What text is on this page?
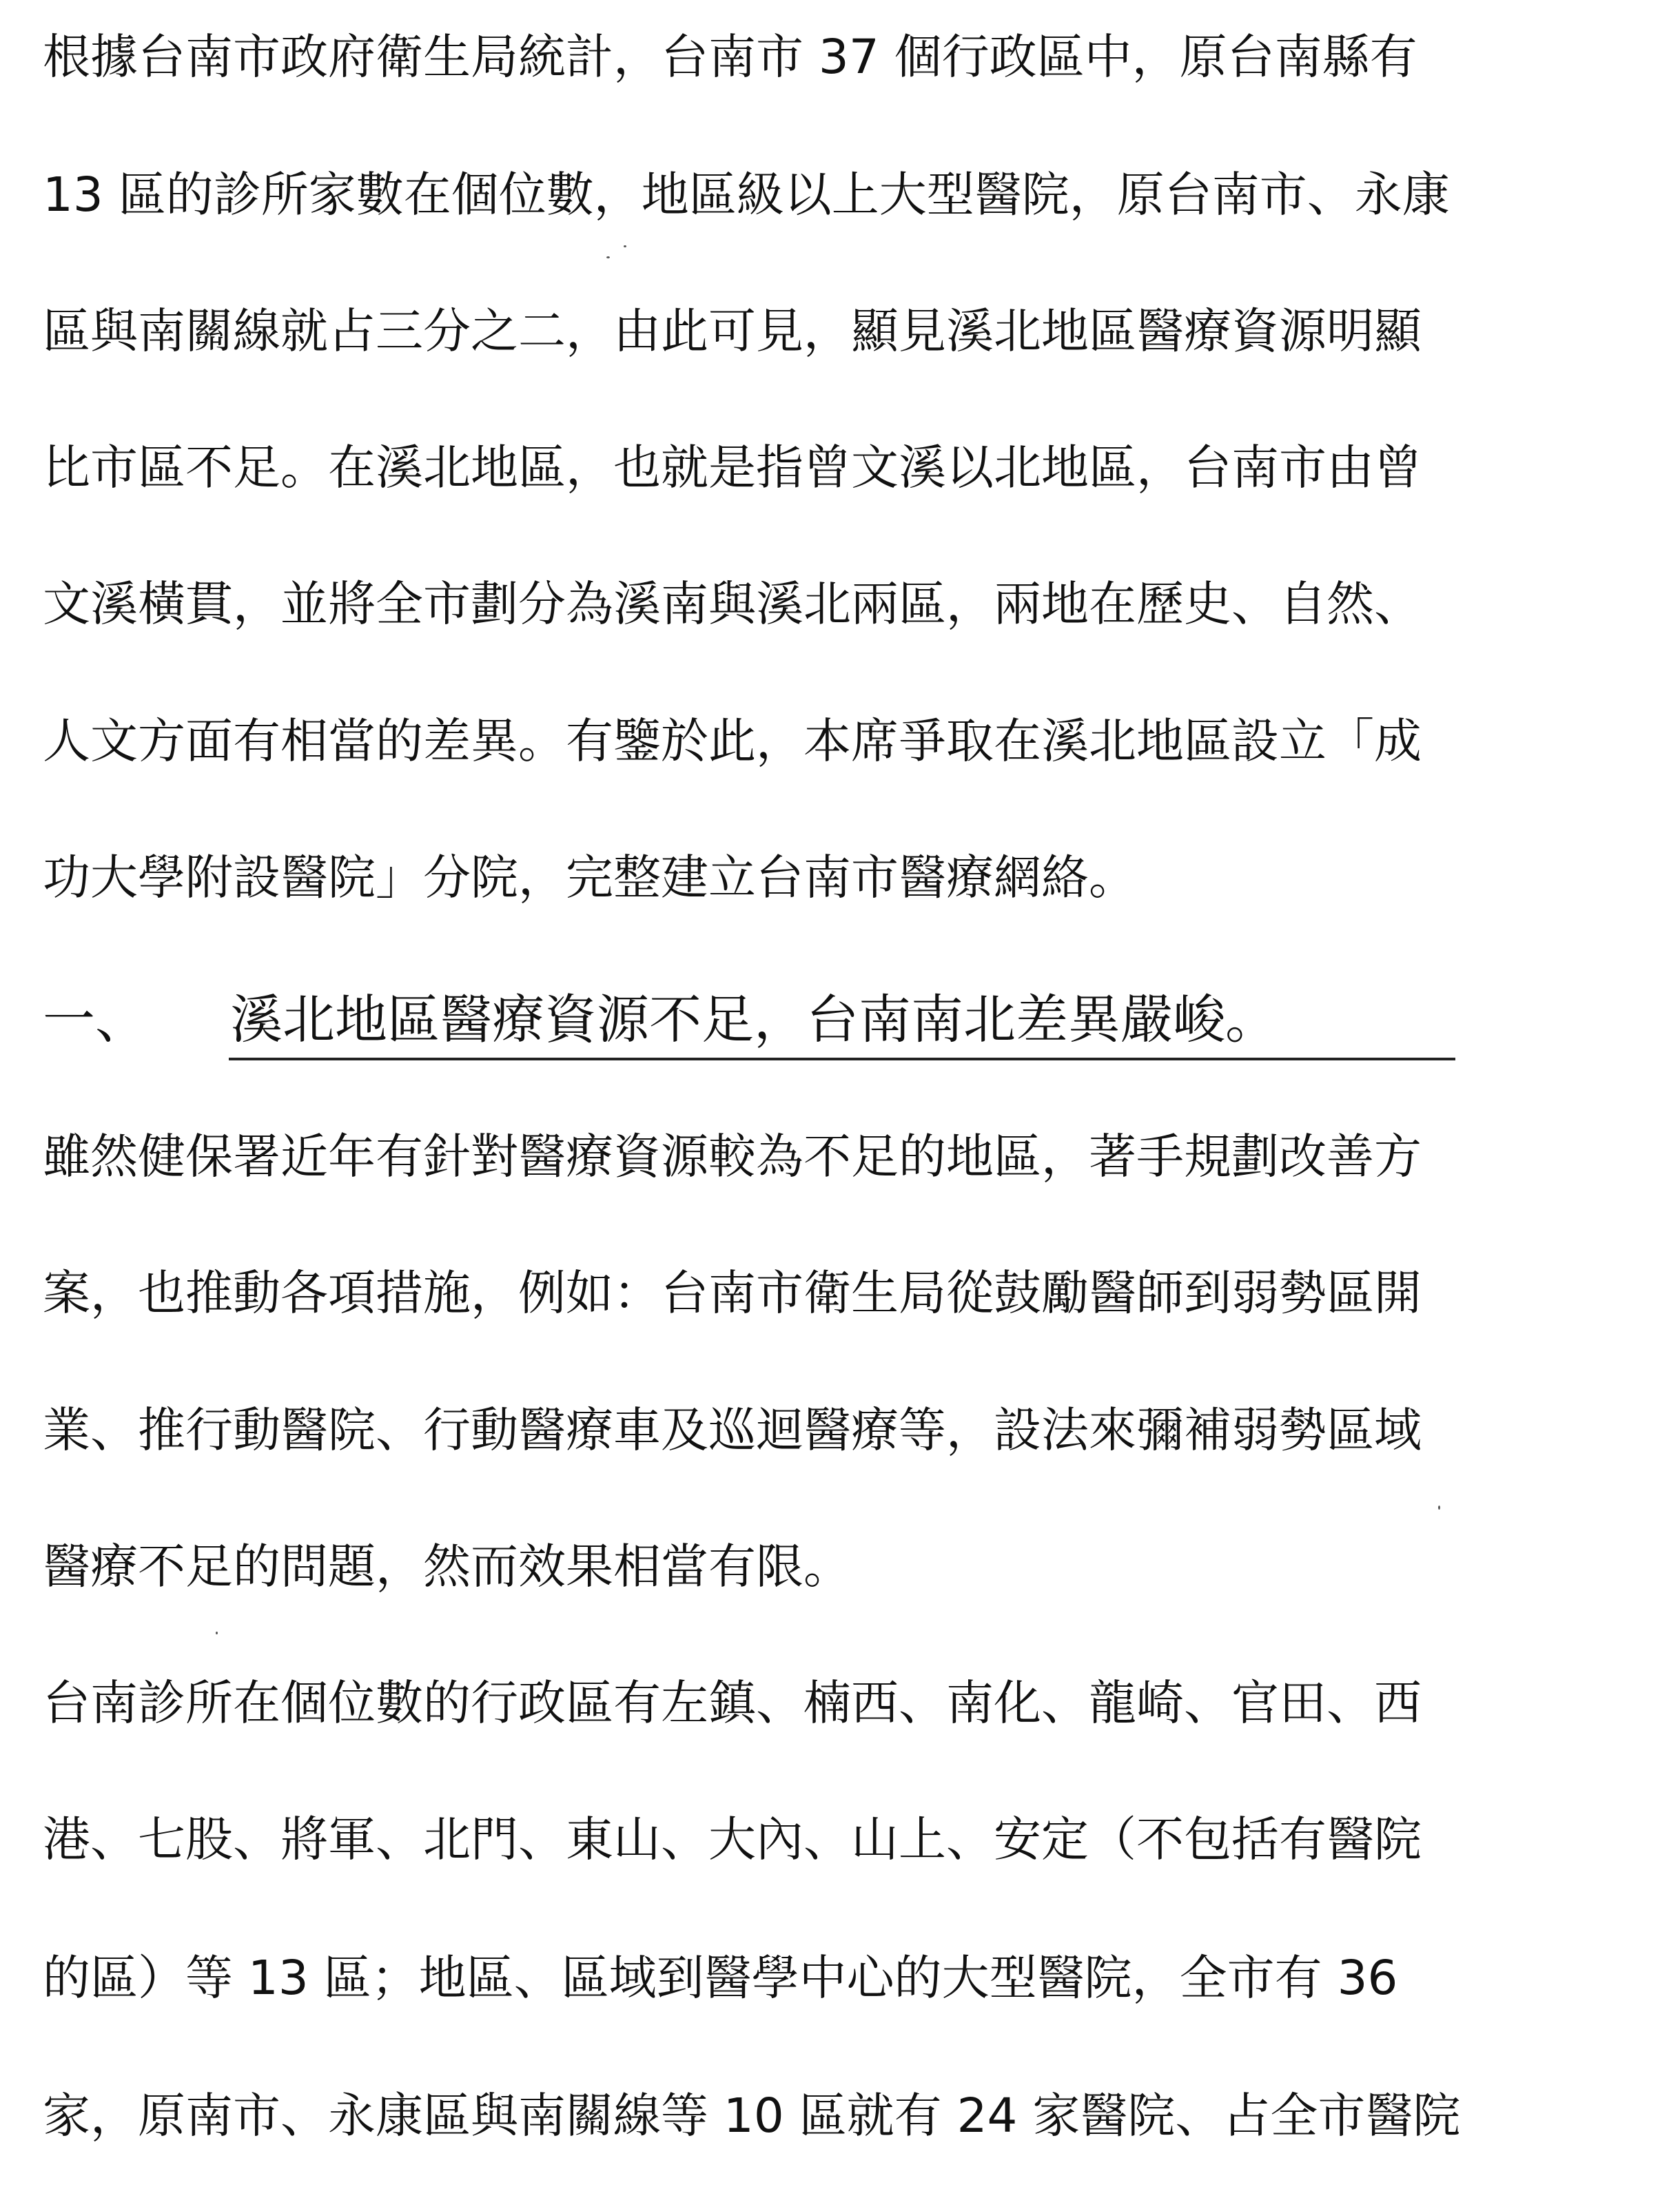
根據台南市政府衛生局統計，台南市 37 個行政區中，原台南縣有
13 區的診所家數在個位數，地區級以上大型醫院，原台南市、永康
區與南關線就占三分之二，由此可見，顯見溪北地區醫療資源明顯
比市區不足。在溪北地區，也就是指曾文溪以北地區，台南市由曾
文溪橫貫，並將全市劃分為溪南與溪北兩區，兩地在歷史、自然、
人文方面有相當的差異。有鑒於此，本席爭取在溪北地區設立「成
功大學附設醫院」分院，完整建立台南市醫療網絡。
一、 溪北地區醫療資源不足，台南南北差異嚴峻。
雖然健保署近年有針對醫療資源較為不足的地區，著手規劃改善方
案，也推動各項措施，例如：台南市衛生局從鼓勵醫師到弱勢區開
業、推行動醫院、行動醫療車及巡迴醫療等，設法來彌補弱勢區域
醫療不足的問題，然而效果相當有限。
台南診所在個位數的行政區有左鎮、楠西、南化、龍崎、官田、西
港、七股、將軍、北門、東山、大內、山上、安定（不包括有醫院
的區）等 13 區；地區、區域到醫學中心的大型醫院，全市有 36
家，原南市、永康區與南關線等 10 區就有 24 家醫院、占全市醫院
